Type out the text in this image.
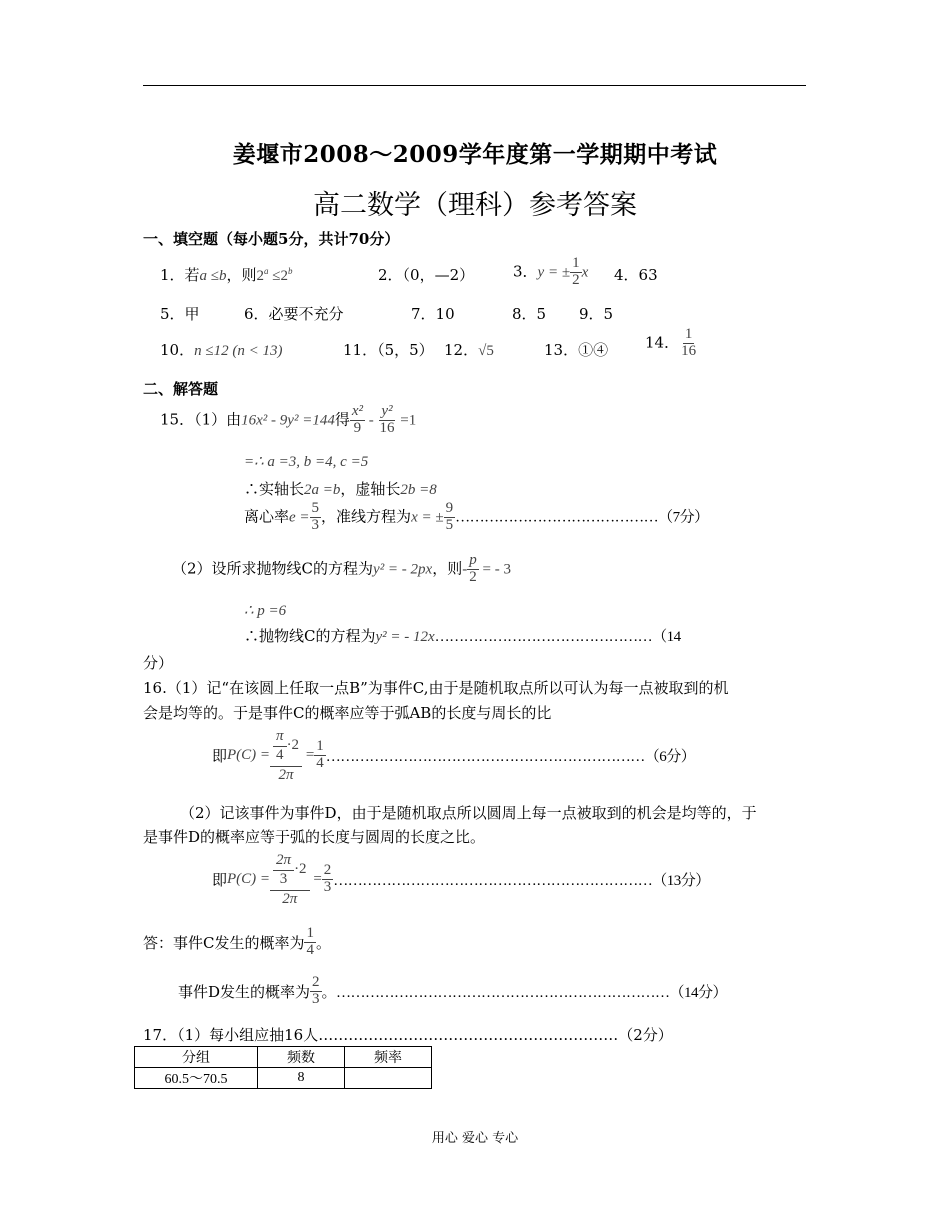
姜堰市2008～2009学年度第一学期期中考试
高二数学（理科）参考答案
一、填空题（每小题5分，共计70分）
1．若a ≤b，则$2^a \le 2^b$	2．（0，—2）	3．y = ± $\frac{1}{2}$ x 4．63
5．甲	6．必要不充分	7．10	8．5 9．5
10．n ≤12 (n < 13)	11．（5，5） 12．√5	13．①④ 14． $\frac{1}{16}$
二、解答题
15．（1）由16x² - 9y² =144得 $\frac{\text{x²}}{9} - \frac{\text{y²}}{16} =1$
=∴ a =3, b =4, c =5
∴实轴长2a =b，虚轴长2b =8
离心率$e = \frac{5}{3}$ ，准线方程为x = ± $\frac{9}{5}$ ……………………………………（7分）
（2）设所求抛物线C的方程为y² = - 2px，则- $\frac{p}{2}$ = - 3
∴ p =6
∴抛物线C的方程为y² = - 12x………………………………………（14
分）
16.（1）记“在该圆上任取一点B”为事件C,由于是随机取点所以可认为每一点被取到的机
会是均等的。于是事件C的概率应等于弧AB的长度与周长的比
即$P(C) = \frac{\frac{\pi}{4} \cdot 2}{2\pi} = \frac{1}{4}$ …………………………………………………………（6分）
（2）记该事件为事件D，由于是随机取点所以圆周上每一点被取到的机会是均等的，于
是事件D的概率应等于弧的长度与圆周的长度之比。
即$P(C) = \frac{\frac{2\pi}{3} \cdot 2}{2\pi} = \frac{2}{3}$ …………………………………………………………（13分）
答：事件C发生的概率为 $\frac{1}{4}$ 。
事件D发生的概率为 $\frac{2}{3}$ 。……………………………………………………………（14分）
17．（1）每小组应抽16人……………………………………………………（2分）
分组	频数	频率
60.5～70.5	8	
用心 爱心 专心
